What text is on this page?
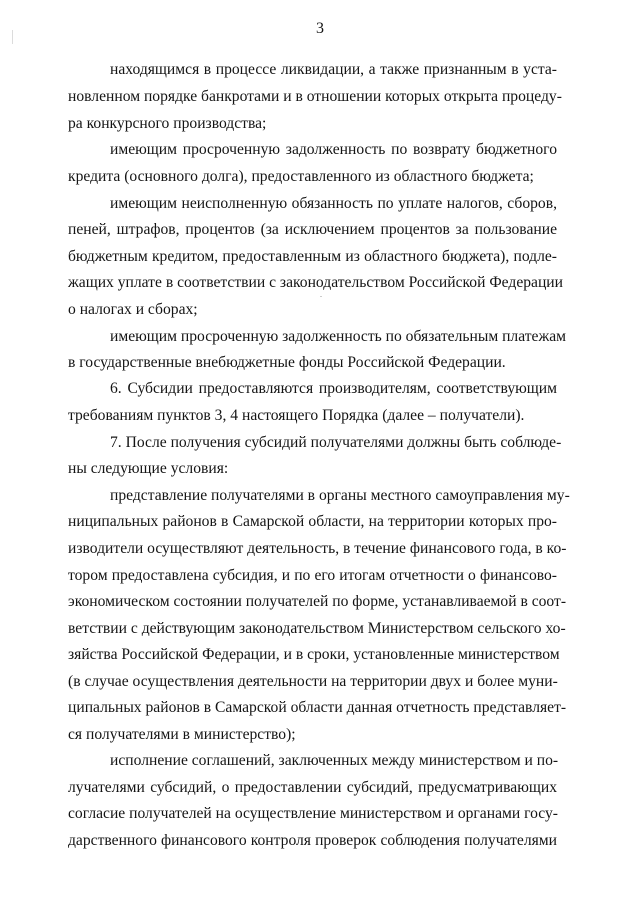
3
находящимся в процессе ликвидации, а также признанным в уста-
новленном порядке банкротами и в отношении которых открыта процеду-
ра конкурсного производства;
имеющим просроченную задолженность по возврату бюджетного
кредита (основного долга), предоставленного из областного бюджета;
имеющим неисполненную обязанность по уплате налогов, сборов,
пеней, штрафов, процентов (за исключением процентов за пользование
бюджетным кредитом, предоставленным из областного бюджета), подле-
жащих уплате в соответствии с законодательством Российской Федерации
о налогах и сборах;
имеющим просроченную задолженность по обязательным платежам
в государственные внебюджетные фонды Российской Федерации.
6. Субсидии предоставляются производителям, соответствующим
требованиям пунктов 3, 4 настоящего Порядка (далее – получатели).
7. После получения субсидий получателями должны быть соблюде-
ны следующие условия:
представление получателями в органы местного самоуправления му-
ниципальных районов в Самарской области, на территории которых про-
изводители осуществляют деятельность, в течение финансового года, в ко-
тором предоставлена субсидия, и по его итогам отчетности о финансово-
экономическом состоянии получателей по форме, устанавливаемой в соот-
ветствии с действующим законодательством Министерством сельского хо-
зяйства Российской Федерации, и в сроки, установленные министерством
(в случае осуществления деятельности на территории двух и более муни-
ципальных районов в Самарской области данная отчетность представляет-
ся получателями в министерство);
исполнение соглашений, заключенных между министерством и по-
лучателями субсидий, о предоставлении субсидий, предусматривающих
согласие получателей на осуществление министерством и органами госу-
дарственного финансового контроля проверок соблюдения получателями
